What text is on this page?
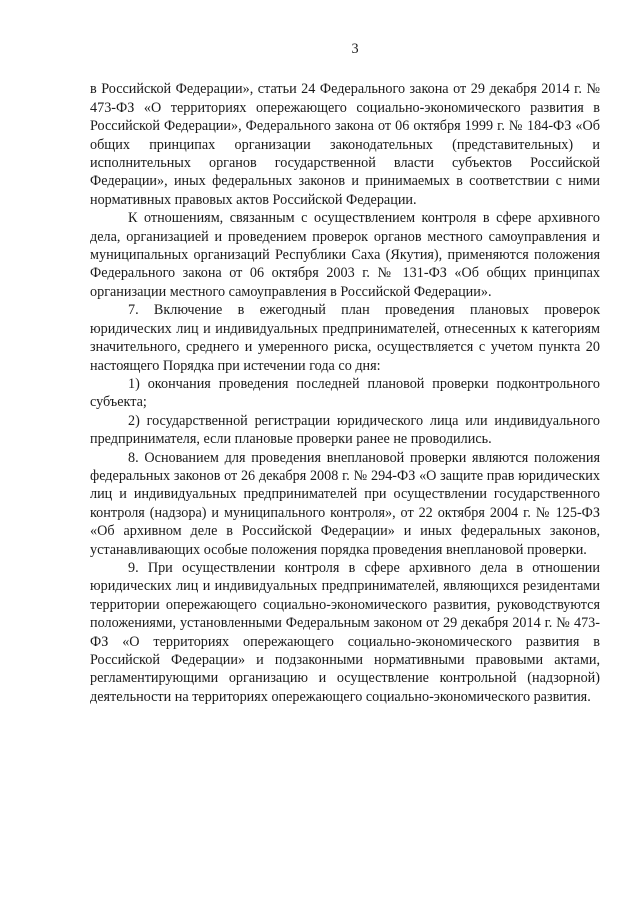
3

в Российской Федерации», статьи 24 Федерального закона от 29 декабря 2014 г. № 473-ФЗ «О территориях опережающего социально-экономического развития в Российской Федерации», Федерального закона от 06 октября 1999 г. № 184-ФЗ «Об общих принципах организации законодательных (представительных) и исполнительных органов государственной власти субъектов Российской Федерации», иных федеральных законов и принимаемых в соответствии с ними нормативных правовых актов Российской Федерации.

К отношениям, связанным с осуществлением контроля в сфере архивного дела, организацией и проведением проверок органов местного самоуправления и муниципальных организаций Республики Саха (Якутия), применяются положения Федерального закона от 06 октября 2003 г. № 131-ФЗ «Об общих принципах организации местного самоуправления в Российской Федерации».

7. Включение в ежегодный план проведения плановых проверок юридических лиц и индивидуальных предпринимателей, отнесенных к категориям значительного, среднего и умеренного риска, осуществляется с учетом пункта 20 настоящего Порядка при истечении года со дня:

1) окончания проведения последней плановой проверки подконтрольного субъекта;

2) государственной регистрации юридического лица или индивидуального предпринимателя, если плановые проверки ранее не проводились.

8. Основанием для проведения внеплановой проверки являются положения федеральных законов от 26 декабря 2008 г. № 294-ФЗ «О защите прав юридических лиц и индивидуальных предпринимателей при осуществлении государственного контроля (надзора) и муниципального контроля», от 22 октября 2004 г. № 125-ФЗ «Об архивном деле в Российской Федерации» и иных федеральных законов, устанавливающих особые положения порядка проведения внеплановой проверки.

9. При осуществлении контроля в сфере архивного дела в отношении юридических лиц и индивидуальных предпринимателей, являющихся резидентами территории опережающего социально-экономического развития, руководствуются положениями, установленными Федеральным законом от 29 декабря 2014 г. № 473-ФЗ «О территориях опережающего социально-экономического развития в Российской Федерации» и подзаконными нормативными правовыми актами, регламентирующими организацию и осуществление контрольной (надзорной) деятельности на территориях опережающего социально-экономического развития.
